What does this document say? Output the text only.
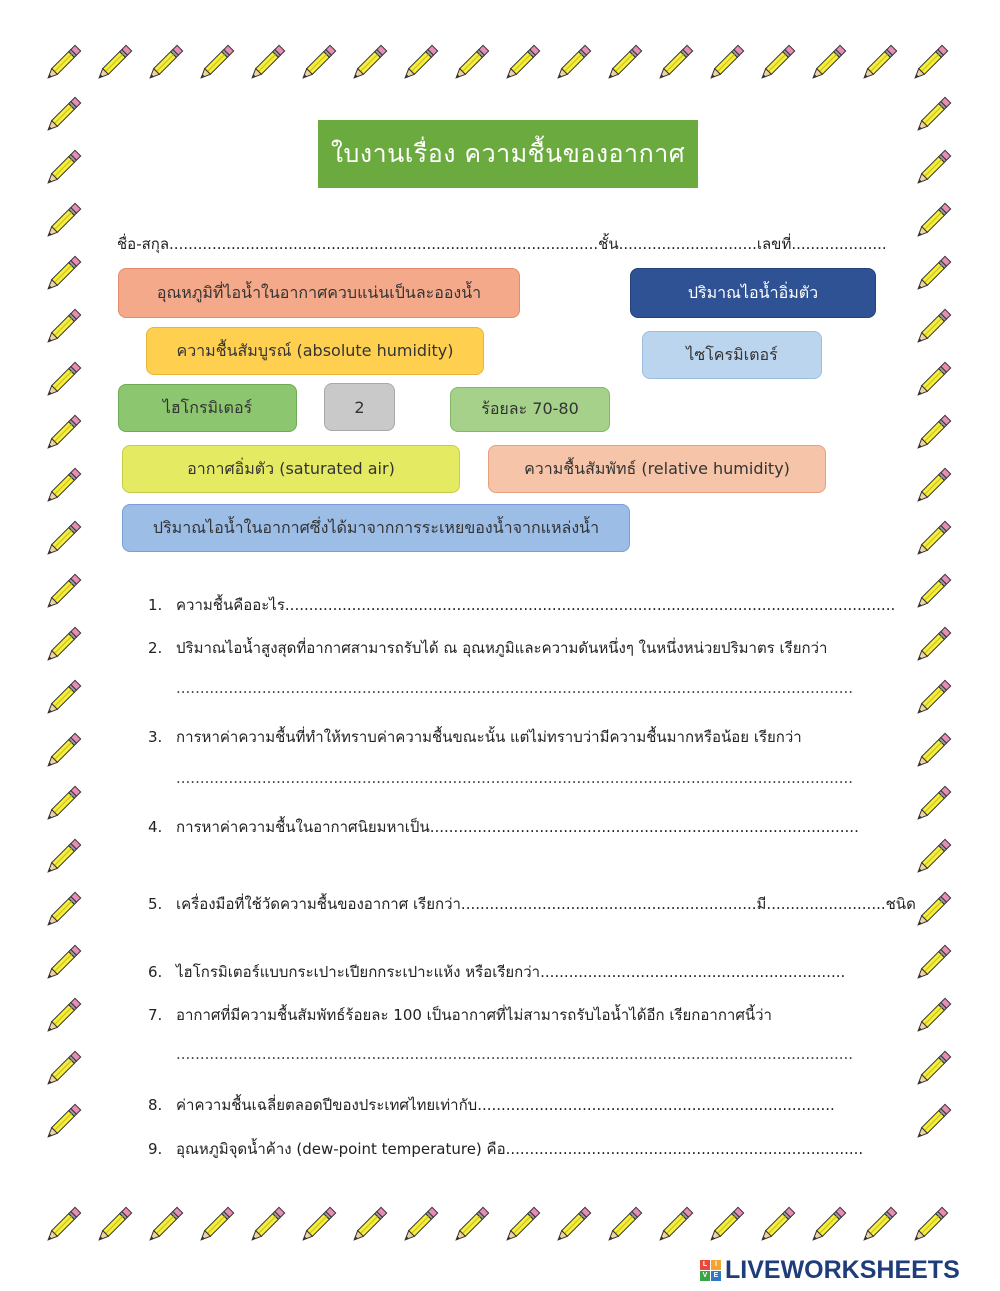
ใบงานเรื่อง ความชื้นของอากาศ
ชื่อ-สกุล..........................................................................................ชั้น.............................เลขที่....................
อุณหภูมิที่ไอน้ำในอากาศควบแน่นเป็นละอองน้ำ	ปริมาณไอน้ำอิ่มตัว
ความชื้นสัมบูรณ์ (absolute humidity)	ไซโครมิเตอร์
ไฮโกรมิเตอร์	2	ร้อยละ 70-80
อากาศอิ่มตัว (saturated air)	ความชื้นสัมพัทธ์ (relative humidity)
ปริมาณไอน้ำในอากาศซึ่งได้มาจากการระเหยของน้ำจากแหล่งน้ำ
1. ความชื้นคืออะไร................................................................................................................................
2. ปริมาณไอน้ำสูงสุดที่อากาศสามารถรับได้ ณ อุณหภูมิและความดันหนึ่งๆ ในหนึ่งหน่วยปริมาตร เรียกว่า
..............................................................................................................................................
3. การหาค่าความชื้นที่ทำให้ทราบค่าความชื้นขณะนั้น แต่ไม่ทราบว่ามีความชื้นมากหรือน้อย เรียกว่า
..............................................................................................................................................
4. การหาค่าความชื้นในอากาศนิยมหาเป็น..........................................................................................
5. เครื่องมือที่ใช้วัดความชื้นของอากาศ เรียกว่า..............................................................มี.........................ชนิด
6. ไฮโกรมิเตอร์แบบกระเปาะเปียกกระเปาะแห้ง หรือเรียกว่า................................................................
7. อากาศที่มีความชื้นสัมพัทธ์ร้อยละ 100 เป็นอากาศที่ไม่สามารถรับไอน้ำได้อีก เรียกอากาศนี้ว่า
..............................................................................................................................................
8. ค่าความชื้นเฉลี่ยตลอดปีของประเทศไทยเท่ากับ...........................................................................
9. อุณหภูมิจุดน้ำค้าง (dew-point temperature) คือ...........................................................................
L	I
V E LIVEWORKSHEETS
